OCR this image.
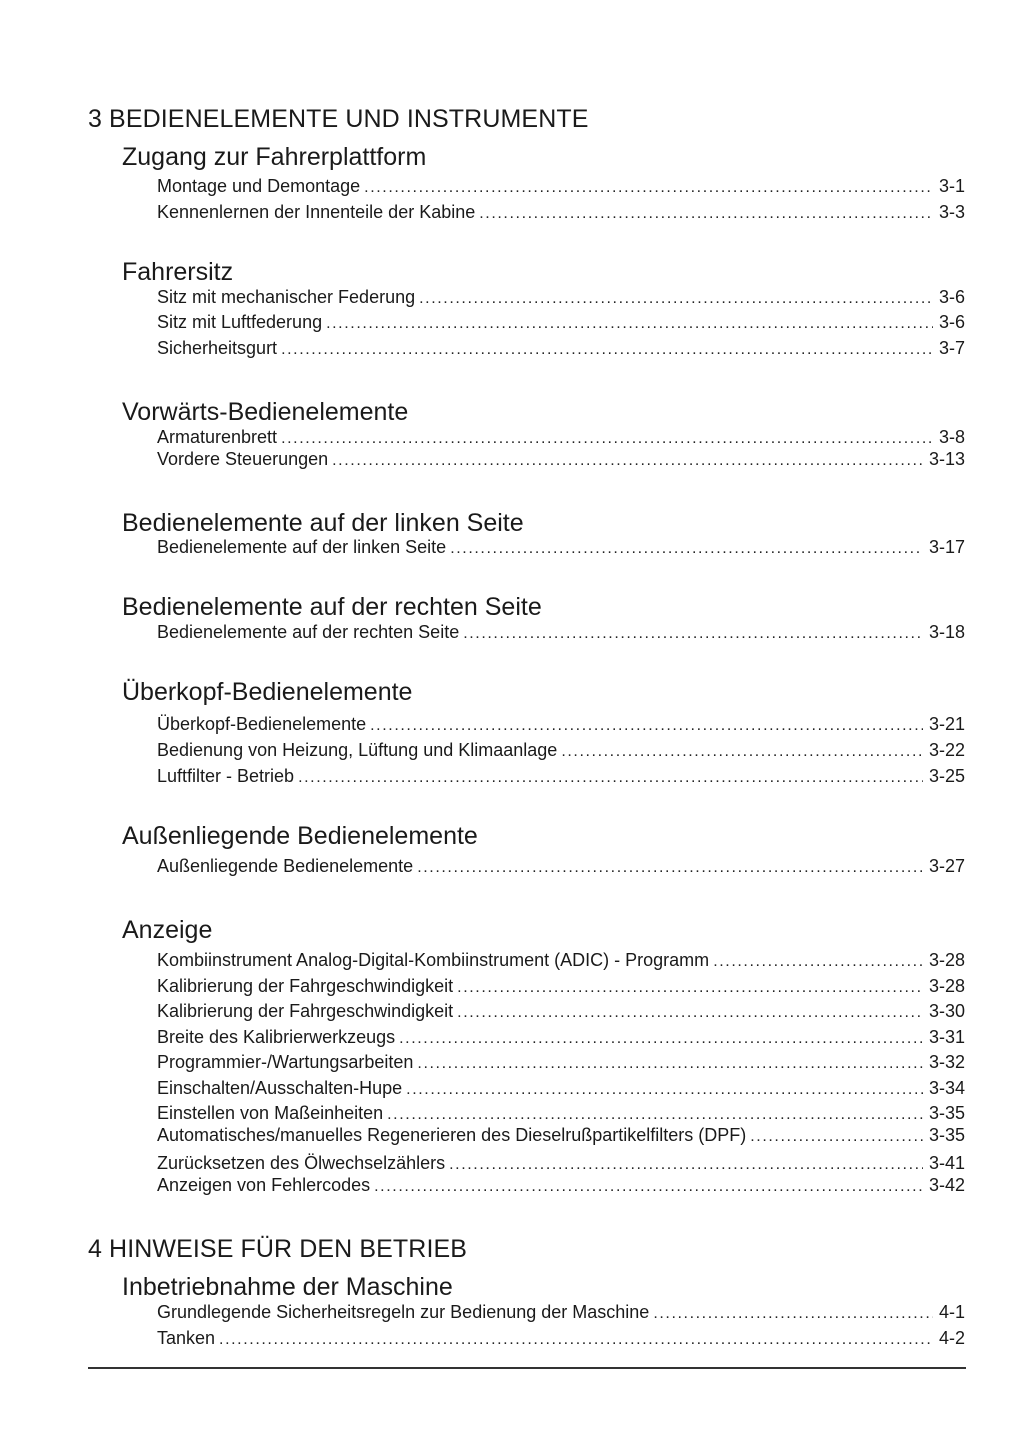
3 BEDIENELEMENTE UND INSTRUMENTE
Zugang zur Fahrerplattform
Montage und Demontage .....	3-1
Kennenlernen der Innenteile der Kabine .....	3-3
Fahrersitz
Sitz mit mechanischer Federung .....	3-6
Sitz mit Luftfederung .....	3-6
Sicherheitsgurt .....	3-7
Vorwärts-Bedienelemente
Armaturenbrett .....	3-8
Vordere Steuerungen .....	3-13
Bedienelemente auf der linken Seite
Bedienelemente auf der linken Seite .....	3-17
Bedienelemente auf der rechten Seite
Bedienelemente auf der rechten Seite .....	3-18
Überkopf-Bedienelemente
Überkopf-Bedienelemente .....	3-21
Bedienung von Heizung, Lüftung und Klimaanlage .....	3-22
Luftfilter - Betrieb .....	3-25
Außenliegende Bedienelemente
Außenliegende Bedienelemente .....	3-27
Anzeige
Kombiinstrument Analog-Digital-Kombiinstrument (ADIC) - Programm .....	3-28
Kalibrierung der Fahrgeschwindigkeit .....	3-28
Kalibrierung der Fahrgeschwindigkeit .....	3-30
Breite des Kalibrierwerkzeugs .....	3-31
Programmier-/Wartungsarbeiten .....	3-32
Einschalten/Ausschalten-Hupe .....	3-34
Einstellen von Maßeinheiten .....	3-35
Automatisches/manuelles Regenerieren des Dieselrußpartikelfilters (DPF) .....	3-35
Zurücksetzen des Ölwechselzählers .....	3-41
Anzeigen von Fehlercodes .....	3-42
4 HINWEISE FÜR DEN BETRIEB
Inbetriebnahme der Maschine
Grundlegende Sicherheitsregeln zur Bedienung der Maschine .....	4-1
Tanken .....	4-2
